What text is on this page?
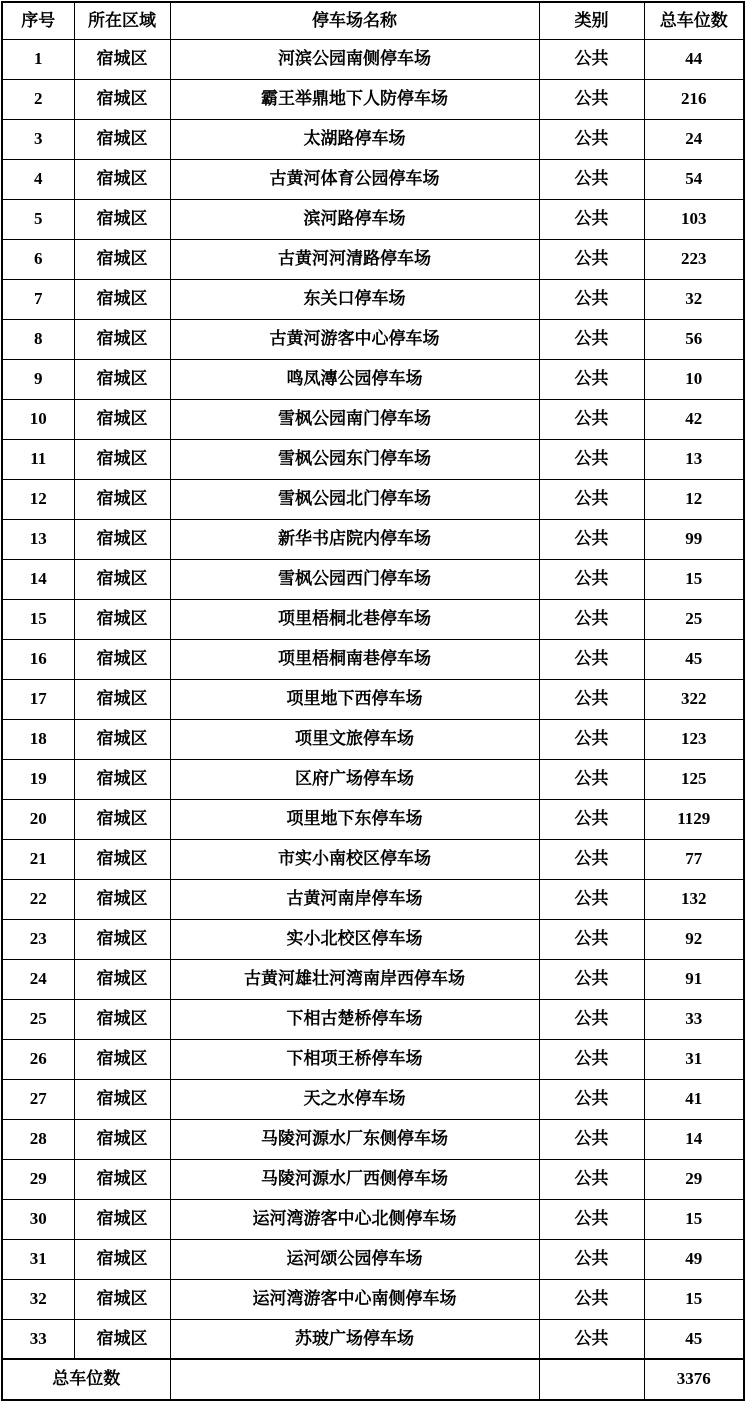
序号	所在区域	停车场名称	类别	总车位数
1	宿城区	河滨公园南侧停车场	公共	44
2	宿城区	霸王举鼎地下人防停车场	公共	216
3	宿城区	太湖路停车场	公共	24
4	宿城区	古黄河体育公园停车场	公共	54
5	宿城区	滨河路停车场	公共	103
6	宿城区	古黄河河清路停车场	公共	223
7	宿城区	东关口停车场	公共	32
8	宿城区	古黄河游客中心停车场	公共	56
9	宿城区	鸣凤漙公园停车场	公共	10
10	宿城区	雪枫公园南门停车场	公共	42
11	宿城区	雪枫公园东门停车场	公共	13
12	宿城区	雪枫公园北门停车场	公共	12
13	宿城区	新华书店院内停车场	公共	99
14	宿城区	雪枫公园西门停车场	公共	15
15	宿城区	项里梧桐北巷停车场	公共	25
16	宿城区	项里梧桐南巷停车场	公共	45
17	宿城区	项里地下西停车场	公共	322
18	宿城区	项里文旅停车场	公共	123
19	宿城区	区府广场停车场	公共	125
20	宿城区	项里地下东停车场	公共	1129
21	宿城区	市实小南校区停车场	公共	77
22	宿城区	古黄河南岸停车场	公共	132
23	宿城区	实小北校区停车场	公共	92
24	宿城区	古黄河雄壮河湾南岸西停车场	公共	91
25	宿城区	下相古楚桥停车场	公共	33
26	宿城区	下相项王桥停车场	公共	31
27	宿城区	天之水停车场	公共	41
28	宿城区	马陵河源水厂东侧停车场	公共	14
29	宿城区	马陵河源水厂西侧停车场	公共	29
30	宿城区	运河湾游客中心北侧停车场	公共	15
31	宿城区	运河颂公园停车场	公共	49
32	宿城区	运河湾游客中心南侧停车场	公共	15
33	宿城区	苏玻广场停车场	公共	45
总车位数				3376
